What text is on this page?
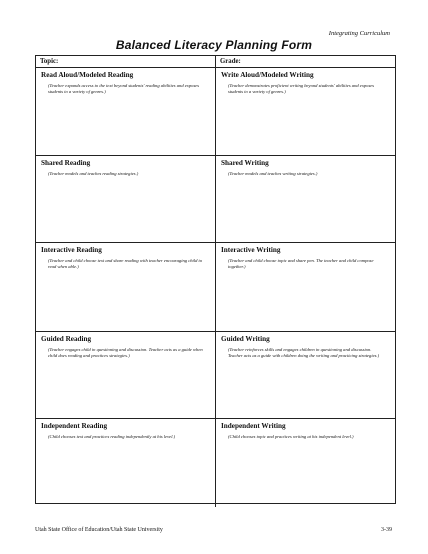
Integrating Curriculum
Balanced Literacy Planning Form
Topic:	Grade:
Read Aloud/Modeled Reading
(Teacher expands access to the text beyond students' reading abilities and exposes students to a variety of genres.)
Write Aloud/Modeled Writing
(Teacher demonstrates proficient writing beyond students' abilities and exposes students to a variety of genres.)
Shared Reading
(Teacher models and teaches reading strategies.)
Shared Writing
(Teacher models and teaches writing strategies.)
Interactive Reading
(Teacher and child choose text and share reading with teacher encouraging child to read when able.)
Interactive Writing
(Teacher and child choose topic and share pen. The teacher and child compose together.)
Guided Reading
(Teacher engages child in questioning and discussion. Teacher acts as a guide when child does reading and practices strategies.)
Guided Writing
(Teacher reinforces skills and engages children in questioning and discussion. Teacher acts as a guide with children doing the writing and practicing strategies.)
Independent Reading
(Child chooses text and practices reading independently at his level.)
Independent Writing
(Child chooses topic and practices writing at his independent level.)
Utah State Office of Education/Utah State University	3-39
